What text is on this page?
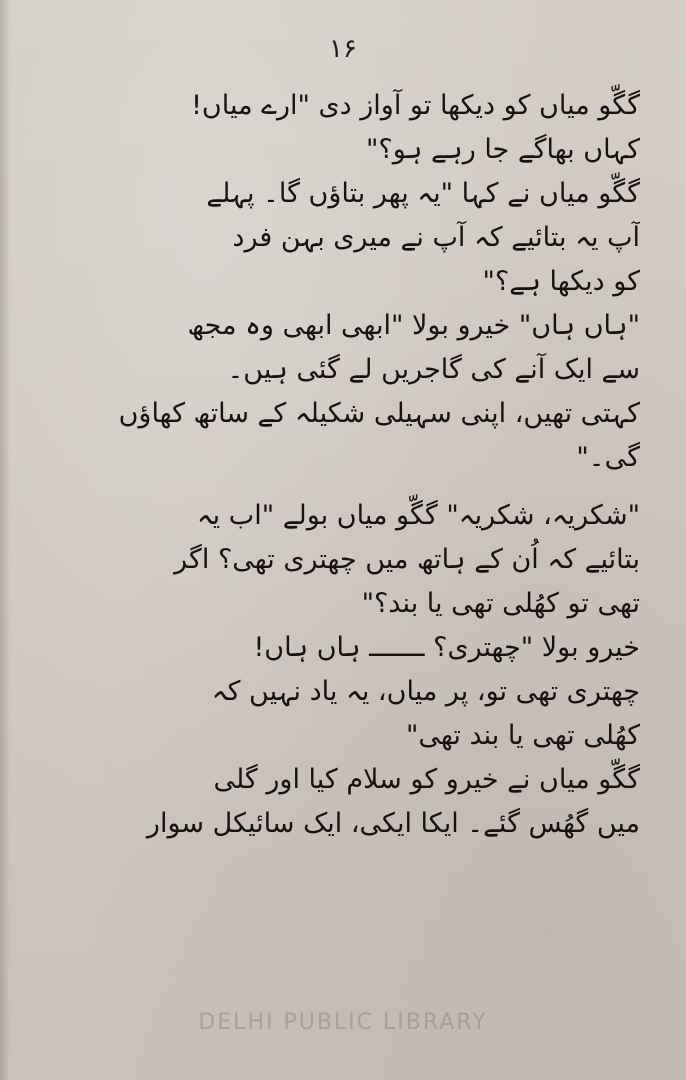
۱۶
گگّو میاں کو دیکھا تو آواز دی "ارے میاں!
کہاں بھاگے جا رہے ہو؟"
گگّو میاں نے کہا "یہ پھر بتاؤں گا۔ پہلے
آپ یہ بتائیے کہ آپ نے میری بہن فرد
کو دیکھا ہے؟"
"ہاں ہاں" خیرو بولا "ابھی ابھی وہ مجھ
سے ایک آنے کی گاجریں لے گئی ہیں۔
کہتی تھیں، اپنی سہیلی شکیلہ کے ساتھ کھاؤں
گی۔"
"شکریہ، شکریہ" گگّو میاں بولے "اب یہ
بتائیے کہ اُن کے ہاتھ میں چھتری تھی؟ اگر
تھی تو کھُلی تھی یا بند؟"
خیرو بولا "چھتری؟ ـــــــ ہاں ہاں!
چھتری تھی تو، پر میاں، یہ یاد نہیں کہ
کھُلی تھی یا بند تھی"
گگّو میاں نے خیرو کو سلام کیا اور گلی
میں گھُس گئے۔ ایکا ایکی، ایک سائیکل سوار
DELHI PUBLIC LIBRARY
